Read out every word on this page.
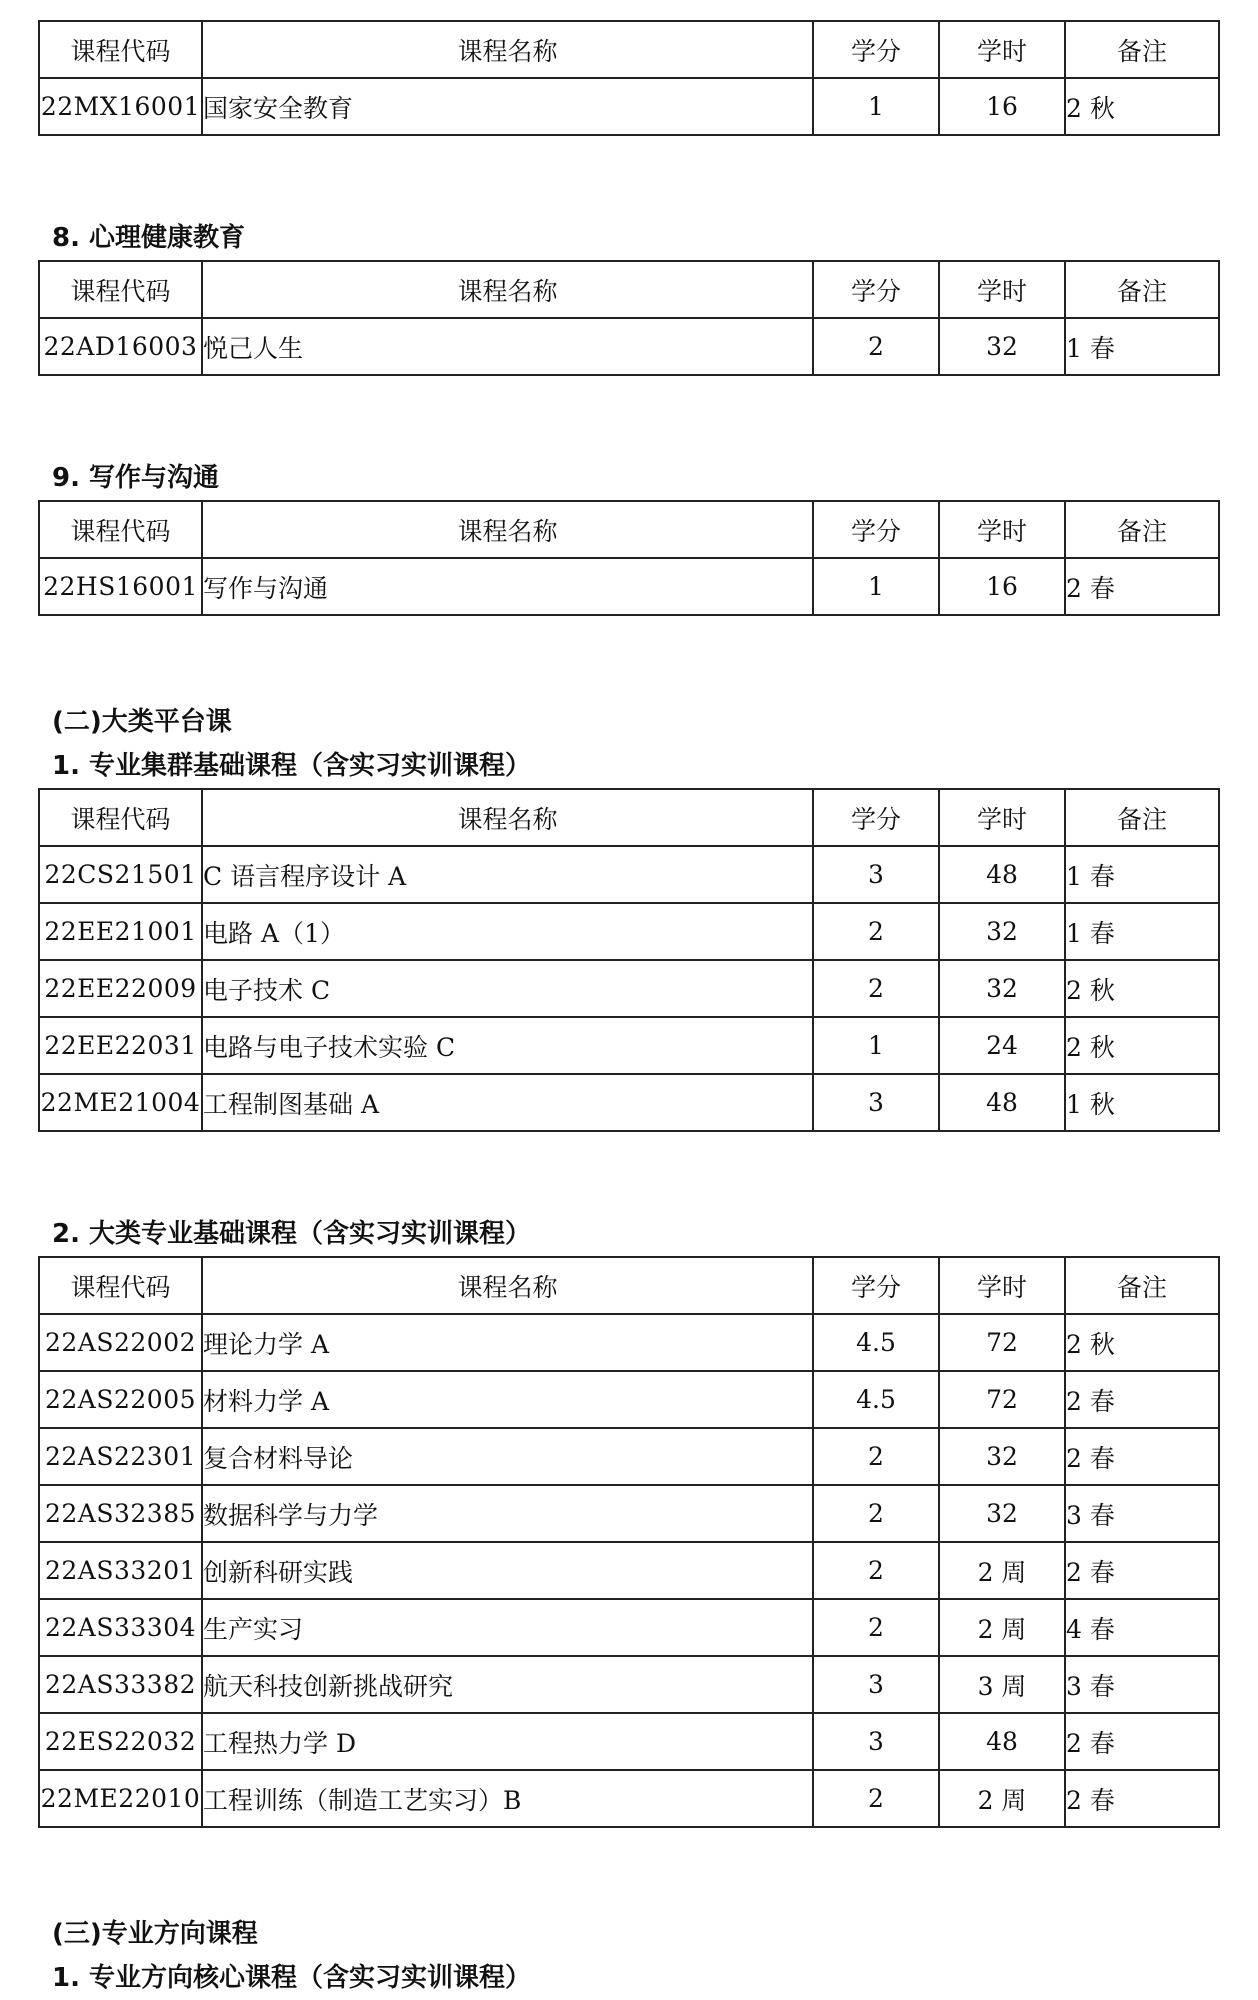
课程代码	课程名称	学分	学时	备注
22MX16001	国家安全教育	1	16	2 秋
8. 心理健康教育
课程代码	课程名称	学分	学时	备注
22AD16003	悦己人生	2	32	1 春
9. 写作与沟通
课程代码	课程名称	学分	学时	备注
22HS16001	写作与沟通	1	16	2 春
(二)大类平台课
1. 专业集群基础课程（含实习实训课程）
课程代码	课程名称	学分	学时	备注
22CS21501	C 语言程序设计 A	3	48	1 春
22EE21001	电路 A（1）	2	32	1 春
22EE22009	电子技术 C	2	32	2 秋
22EE22031	电路与电子技术实验 C	1	24	2 秋
22ME21004	工程制图基础 A	3	48	1 秋
2. 大类专业基础课程（含实习实训课程）
课程代码	课程名称	学分	学时	备注
22AS22002	理论力学 A	4.5	72	2 秋
22AS22005	材料力学 A	4.5	72	2 春
22AS22301	复合材料导论	2	32	2 春
22AS32385	数据科学与力学	2	32	3 春
22AS33201	创新科研实践	2	2 周	2 春
22AS33304	生产实习	2	2 周	4 春
22AS33382	航天科技创新挑战研究	3	3 周	3 春
22ES22032	工程热力学 D	3	48	2 春
22ME22010	工程训练（制造工艺实习）B	2	2 周	2 春
(三)专业方向课程
1. 专业方向核心课程（含实习实训课程）
